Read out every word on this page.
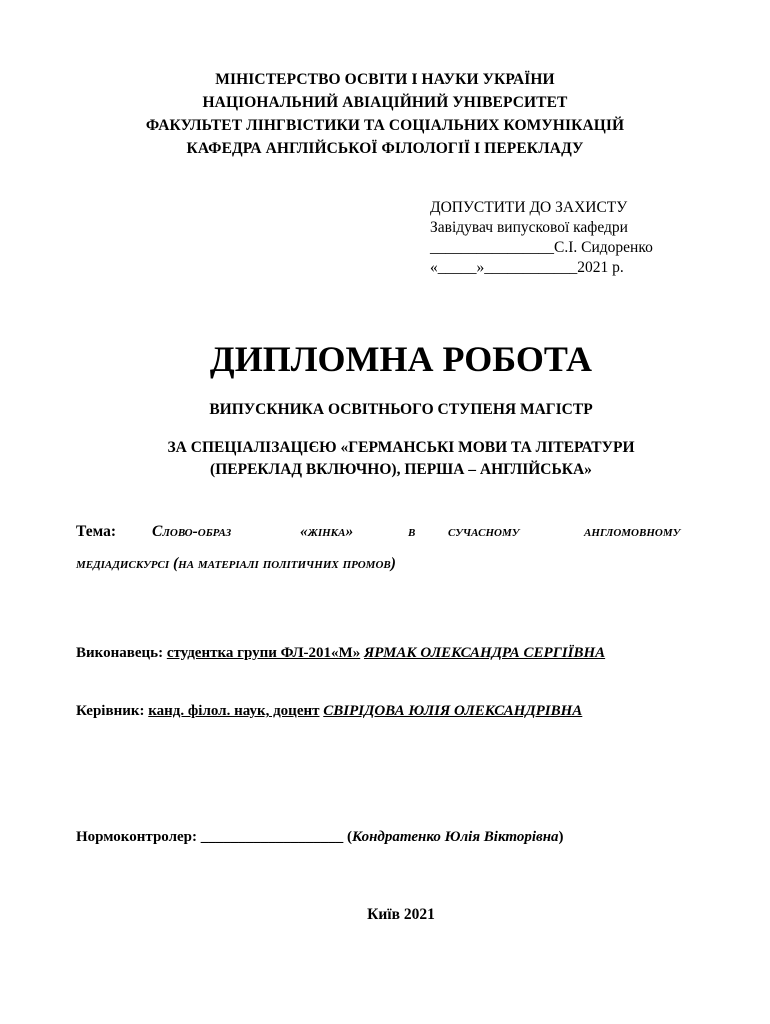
МІНІСТЕРСТВО ОСВІТИ І НАУКИ УКРАЇНИ
НАЦІОНАЛЬНИЙ АВІАЦІЙНИЙ УНІВЕРСИТЕТ
ФАКУЛЬТЕТ ЛІНГВІСТИКИ ТА СОЦІАЛЬНИХ КОМУНІКАЦІЙ
КАФЕДРА АНГЛІЙСЬКОЇ ФІЛОЛОГІЇ І ПЕРЕКЛАДУ
ДОПУСТИТИ ДО ЗАХИСТУ
Завідувач випускової кафедри
________________С.І. Сидоренко
«_____»____________2021 р.
ДИПЛОМНА РОБОТА
ВИПУСКНИКА ОСВІТНЬОГО СТУПЕНЯ МАГІСТР
ЗА СПЕЦІАЛІЗАЦІЄЮ «ГЕРМАНСЬКІ МОВИ ТА ЛІТЕРАТУРИ
(ПЕРЕКЛАД ВКЛЮЧНО), ПЕРША – АНГЛІЙСЬКА»
Тема: Слово-образ	«жінка»	в сучасному	англомовному
медіадискурсі (на матеріалі політичних промов)
Виконавець: студентка групи ФЛ-201«М» ЯРМАК ОЛЕКСАНДРА СЕРГІЇВНА
Керівник: канд. філол. наук, доцент СВІРІДОВА ЮЛІЯ ОЛЕКСАНДРІВНА
Нормоконтролер: ___________________ (Кондратенко Юлія Вікторівна)
Київ 2021
